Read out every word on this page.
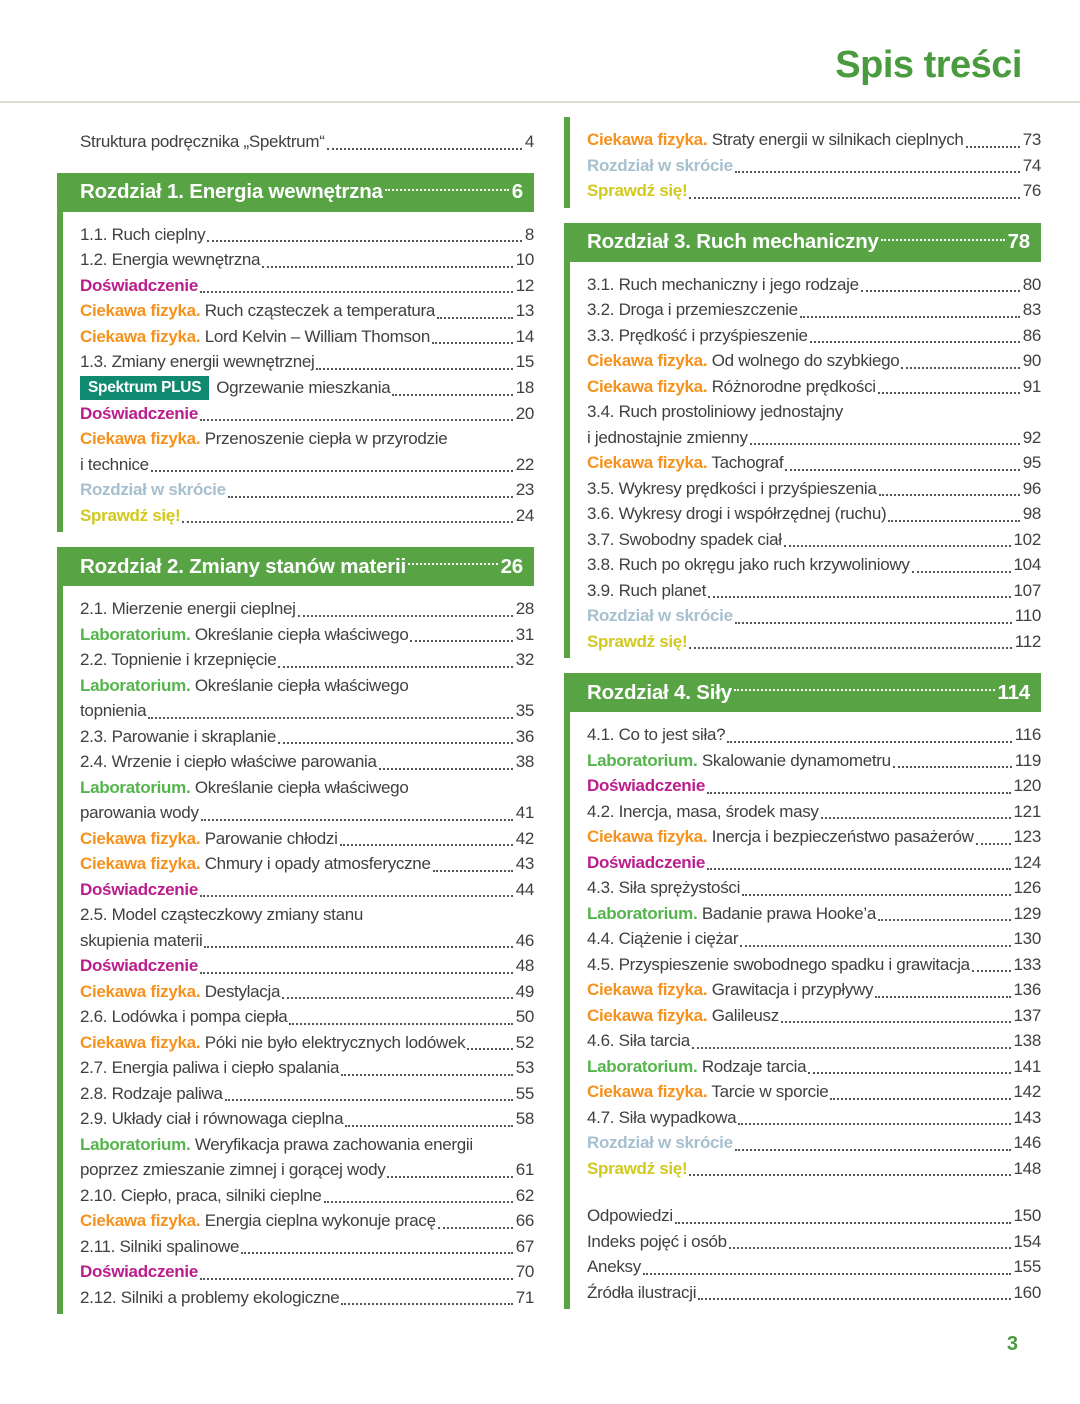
Spis treści
Struktura podręcznika „Spektrum“	4
Rozdział 1. Energia wewnętrzna	6
1.1. Ruch cieplny	8
1.2. Energia wewnętrzna	10
Doświadczenie	12
Ciekawa fizyka. Ruch cząsteczek a temperatura	13
Ciekawa fizyka. Lord Kelvin – William Thomson	14
1.3. Zmiany energii wewnętrznej	15
Spektrum PLUS Ogrzewanie mieszkania	18
Doświadczenie	20
Ciekawa fizyka. Przenoszenie ciepła w przyrodzie
i technice	22
Rozdział w skrócie	23
Sprawdź się!	24
Rozdział 2. Zmiany stanów materii	26
2.1. Mierzenie energii cieplnej	28
Laboratorium. Określanie ciepła właściwego	31
2.2. Topnienie i krzepnięcie	32
Laboratorium. Określanie ciepła właściwego
topnienia	35
2.3. Parowanie i skraplanie	36
2.4. Wrzenie i ciepło właściwe parowania	38
Laboratorium. Określanie ciepła właściwego
parowania wody	41
Ciekawa fizyka. Parowanie chłodzi	42
Ciekawa fizyka. Chmury i opady atmosferyczne	43
Doświadczenie	44
2.5. Model cząsteczkowy zmiany stanu
skupienia materii	46
Doświadczenie	48
Ciekawa fizyka. Destylacja	49
2.6. Lodówka i pompa ciepła	50
Ciekawa fizyka. Póki nie było elektrycznych lodówek	52
2.7. Energia paliwa i ciepło spalania	53
2.8. Rodzaje paliwa	55
2.9. Układy ciał i równowaga cieplna	58
Laboratorium. Weryfikacja prawa zachowania energii
poprzez zmieszanie zimnej i gorącej wody	61
2.10. Ciepło, praca, silniki cieplne	62
Ciekawa fizyka. Energia cieplna wykonuje pracę	66
2.11. Silniki spalinowe	67
Doświadczenie	70
2.12. Silniki a problemy ekologiczne	71
Ciekawa fizyka. Straty energii w silnikach cieplnych	73
Rozdział w skrócie	74
Sprawdź się!	76
Rozdział 3. Ruch mechaniczny	78
3.1. Ruch mechaniczny i jego rodzaje	80
3.2. Droga i przemieszczenie	83
3.3. Prędkość i przyśpieszenie	86
Ciekawa fizyka. Od wolnego do szybkiego	90
Ciekawa fizyka. Różnorodne prędkości	91
3.4. Ruch prostoliniowy jednostajny
i jednostajnie zmienny	92
Ciekawa fizyka. Tachograf	95
3.5. Wykresy prędkości i przyśpieszenia	96
3.6. Wykresy drogi i współrzędnej (ruchu)	98
3.7. Swobodny spadek ciał	102
3.8. Ruch po okręgu jako ruch krzywoliniowy	104
3.9. Ruch planet	107
Rozdział w skrócie	110
Sprawdź się!	112
Rozdział 4. Siły	114
4.1. Co to jest siła?	116
Laboratorium. Skalowanie dynamometru	119
Doświadczenie	120
4.2. Inercja, masa, środek masy	121
Ciekawa fizyka. Inercja i bezpieczeństwo pasażerów 123
Doświadczenie	124
4.3. Siła sprężystości	126
Laboratorium. Badanie prawa Hooke’a	129
4.4. Ciążenie i ciężar	130
4.5. Przyspieszenie swobodnego spadku i grawitacja	133
Ciekawa fizyka. Grawitacja i przypływy	136
Ciekawa fizyka. Galileusz	137
4.6. Siła tarcia	138
Laboratorium. Rodzaje tarcia	141
Ciekawa fizyka. Tarcie w sporcie	142
4.7. Siła wypadkowa	143
Rozdział w skrócie	146
Sprawdź się!	148
Odpowiedzi	150
Indeks pojęć i osób	154
Aneksy	155
Źródła ilustracji	160
3
